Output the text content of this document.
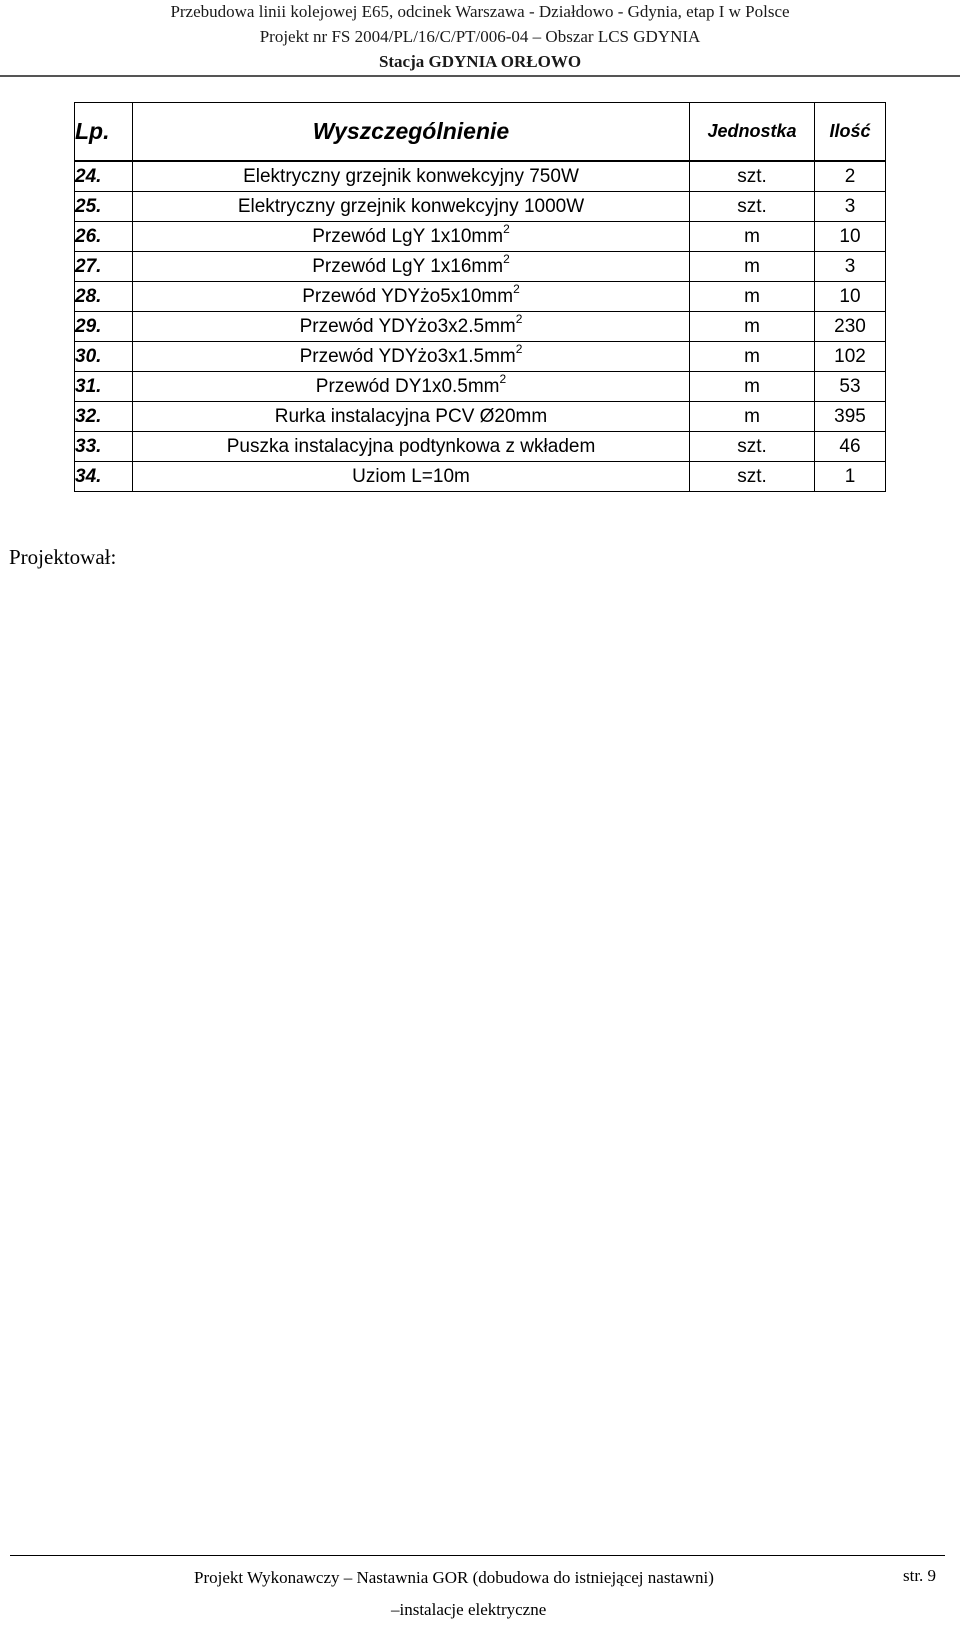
Przebudowa linii kolejowej E65, odcinek Warszawa - Działdowo - Gdynia, etap I w Polsce
Projekt nr FS 2004/PL/16/C/PT/006-04 – Obszar LCS GDYNIA
Stacja GDYNIA ORŁOWO
Lp.	Wyszczególnienie	Jednostka	Ilość
24.	Elektryczny grzejnik konwekcyjny 750W	szt.	2
25.	Elektryczny grzejnik konwekcyjny 1000W	szt.	3
26.	Przewód LgY $1x10mm^2$	m	10
27.	Przewód LgY $1x16mm^2$	m	3
28.	Przewód $YDYżo5x10mm^2$	m	10
29.	Przewód $YDYżo3x2.5mm^2$	m	230
30.	Przewód $YDYżo3x1.5mm^2$	m	102
31.	Przewód $DY1x0.5mm^2$	m	53
32.	Rurka instalacyjna PCV Ø20mm	m	395
33.	Puszka instalacyjna podtynkowa z wkładem	szt.	46
34.	Uziom L=10m	szt.	1
Projektował:
Projekt Wykonawczy – Nastawnia GOR (dobudowa do istniejącej nastawni)	str. 9
–instalacje elektryczne
